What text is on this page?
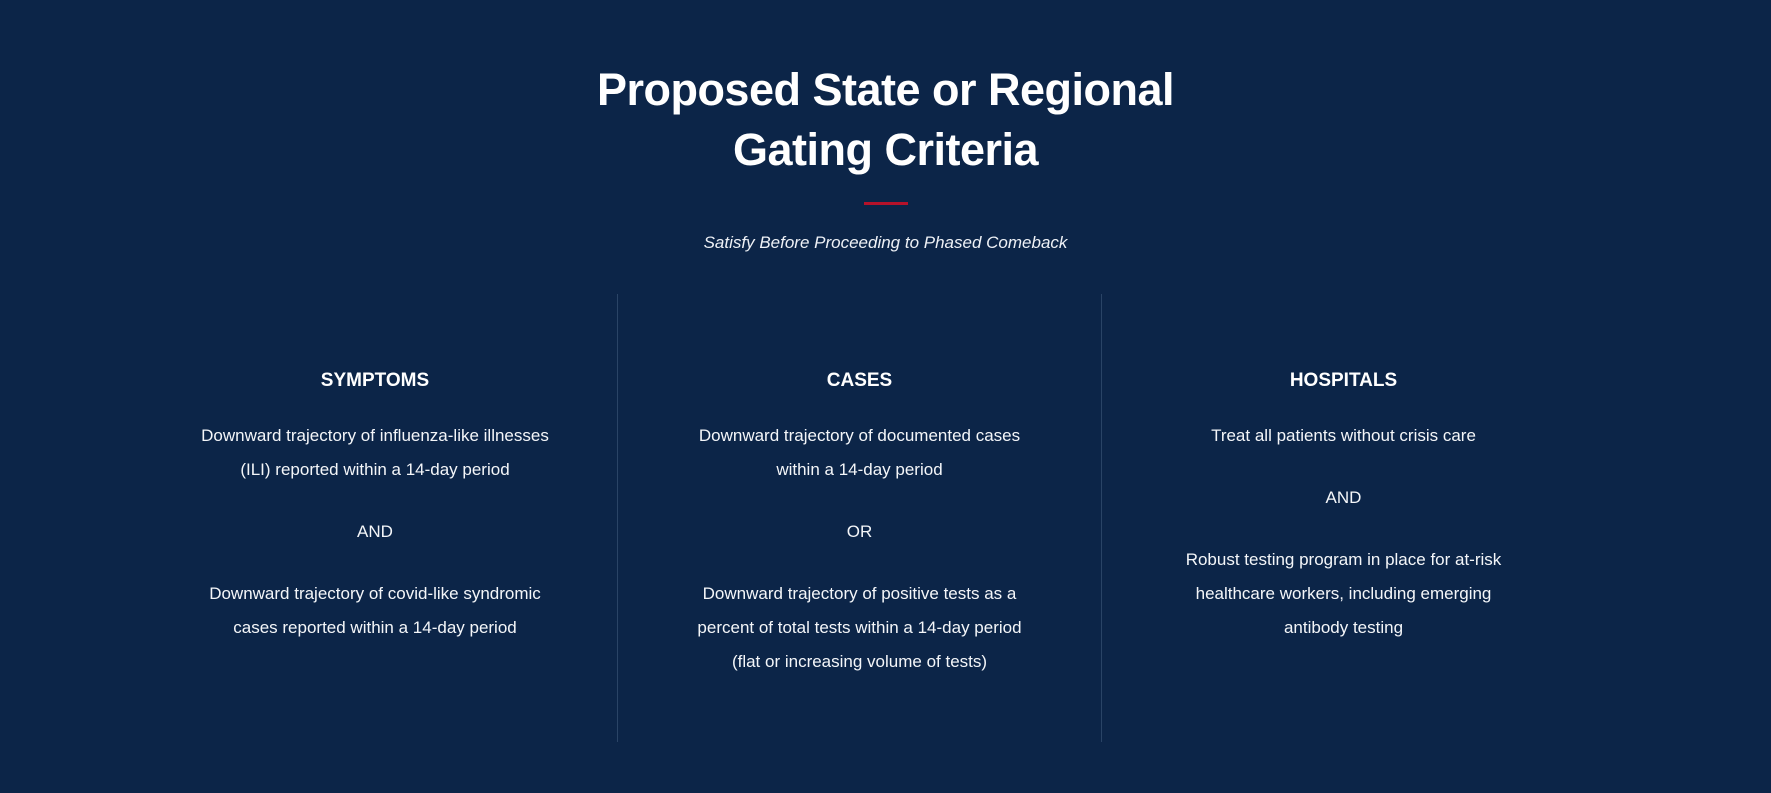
Proposed State or Regional Gating Criteria
Satisfy Before Proceeding to Phased Comeback
SYMPTOMS
Downward trajectory of influenza-like illnesses (ILI) reported within a 14-day period
AND
Downward trajectory of covid-like syndromic cases reported within a 14-day period
CASES
Downward trajectory of documented cases within a 14-day period
OR
Downward trajectory of positive tests as a percent of total tests within a 14-day period (flat or increasing volume of tests)
HOSPITALS
Treat all patients without crisis care
AND
Robust testing program in place for at-risk healthcare workers, including emerging antibody testing
